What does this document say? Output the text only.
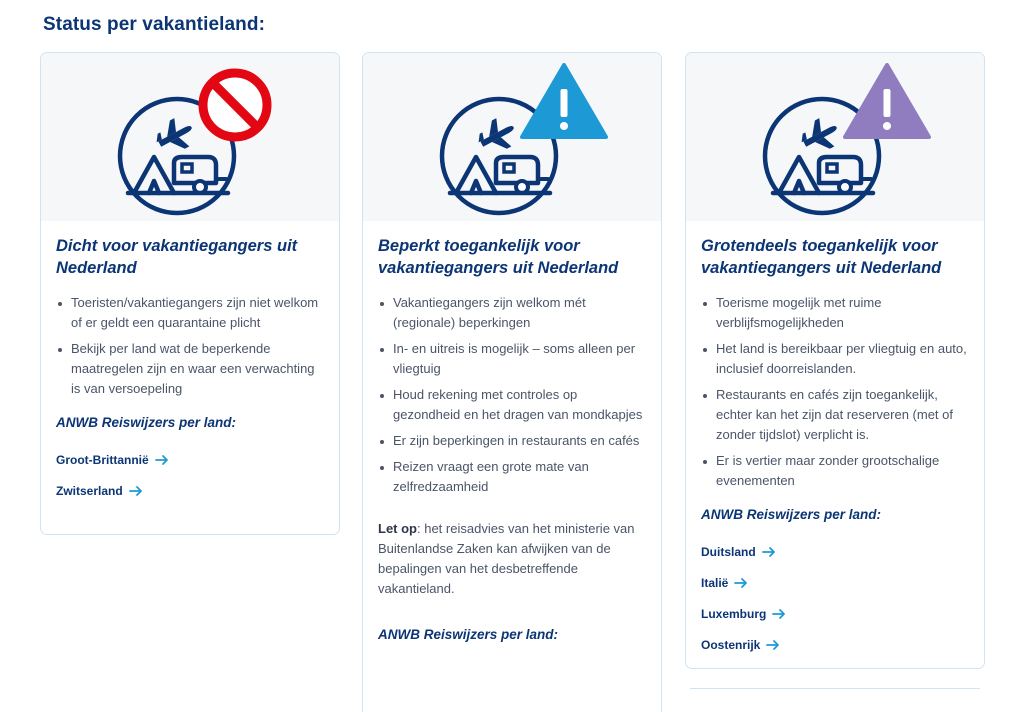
Status per vakantieland:
Dicht voor vakantiegangers uit Nederland
Toeristen/vakantiegangers zijn niet welkom of er geldt een quarantaine plicht
Bekijk per land wat de beperkende maatregelen zijn en waar een verwachting is van versoepeling
ANWB Reiswijzers per land:
Groot-Brittannië
Zwitserland
Beperkt toegankelijk voor vakantiegangers uit Nederland
Vakantiegangers zijn welkom mét (regionale) beperkingen
In- en uitreis is mogelijk – soms alleen per vliegtuig
Houd rekening met controles op gezondheid en het dragen van mondkapjes
Er zijn beperkingen in restaurants en cafés
Reizen vraagt een grote mate van zelfredzaamheid

Let op: het reisadvies van het ministerie van Buitenlandse Zaken kan afwijken van de bepalingen van het desbetreffende vakantieland.

ANWB Reiswijzers per land:
Grotendeels toegankelijk voor vakantiegangers uit Nederland
Toerisme mogelijk met ruime verblijfsmogelijkheden
Het land is bereikbaar per vliegtuig en auto, inclusief doorreislanden.
Restaurants en cafés zijn toegankelijk, echter kan het zijn dat reserveren (met of zonder tijdslot) verplicht is.
Er is vertier maar zonder grootschalige evenementen
ANWB Reiswijzers per land:
Duitsland
Italië
Luxemburg
Oostenrijk
